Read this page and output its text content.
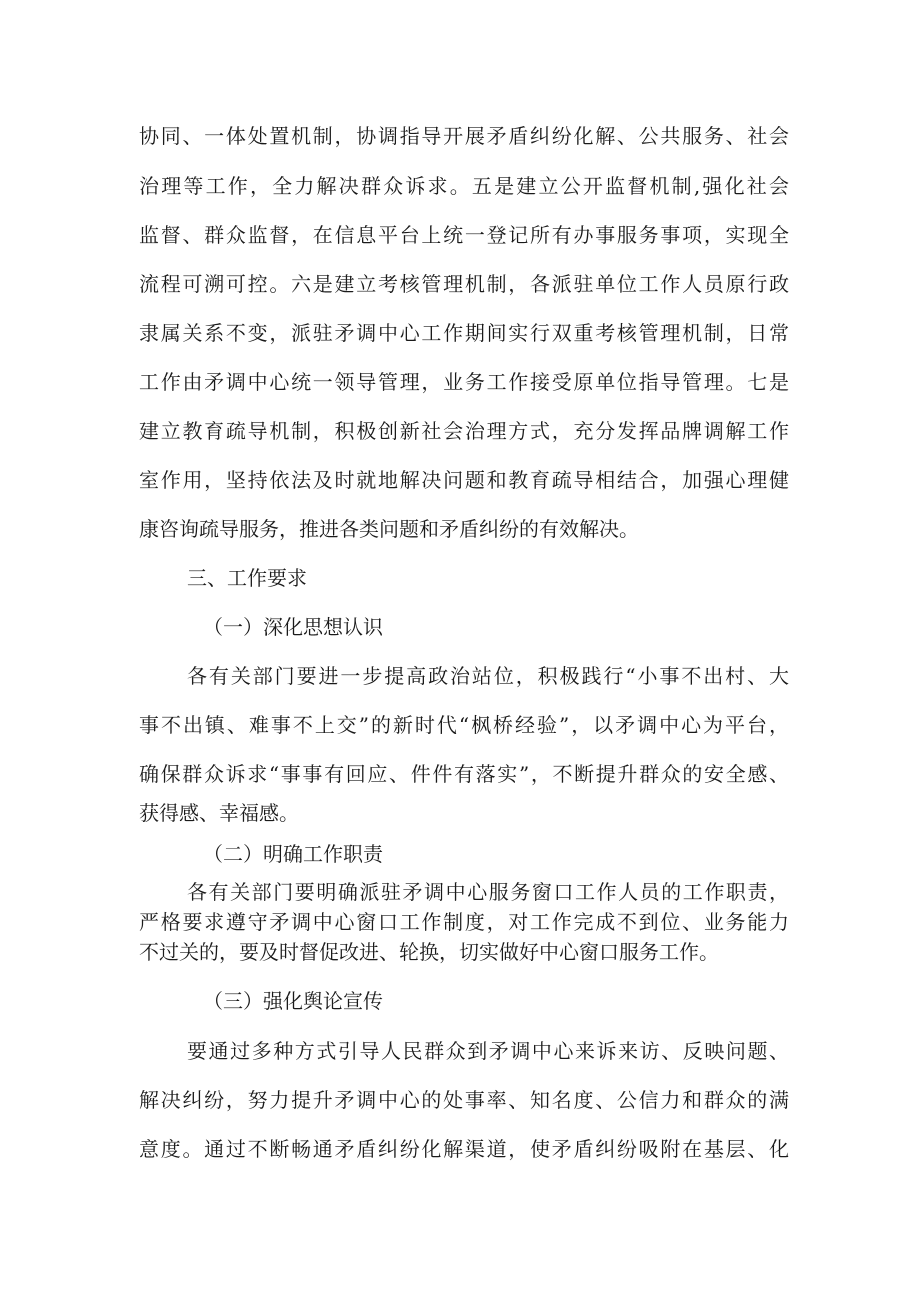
协同、一体处置机制，协调指导开展矛盾纠纷化解、公共服务、社会
治理等工作，全力解决群众诉求。五是建立公开监督机制,强化社会
监督、群众监督，在信息平台上统一登记所有办事服务事项，实现全
流程可溯可控。六是建立考核管理机制，各派驻单位工作人员原行政
隶属关系不变，派驻矛调中心工作期间实行双重考核管理机制，日常
工作由矛调中心统一领导管理，业务工作接受原单位指导管理。七是
建立教育疏导机制，积极创新社会治理方式，充分发挥品牌调解工作
室作用，坚持依法及时就地解决问题和教育疏导相结合，加强心理健
康咨询疏导服务，推进各类问题和矛盾纠纷的有效解决。
三、工作要求
（一）深化思想认识
各有关部门要进一步提高政治站位，积极践行“小事不出村、大
事不出镇、难事不上交”的新时代“枫桥经验”，以矛调中心为平台，
确保群众诉求“事事有回应、件件有落实”，不断提升群众的安全感、
获得感、幸福感。
（二）明确工作职责
各有关部门要明确派驻矛调中心服务窗口工作人员的工作职责，
严格要求遵守矛调中心窗口工作制度，对工作完成不到位、业务能力
不过关的，要及时督促改进、轮换，切实做好中心窗口服务工作。
（三）强化舆论宣传
要通过多种方式引导人民群众到矛调中心来诉来访、反映问题、
解决纠纷，努力提升矛调中心的处事率、知名度、公信力和群众的满
意度。通过不断畅通矛盾纠纷化解渠道，使矛盾纠纷吸附在基层、化
